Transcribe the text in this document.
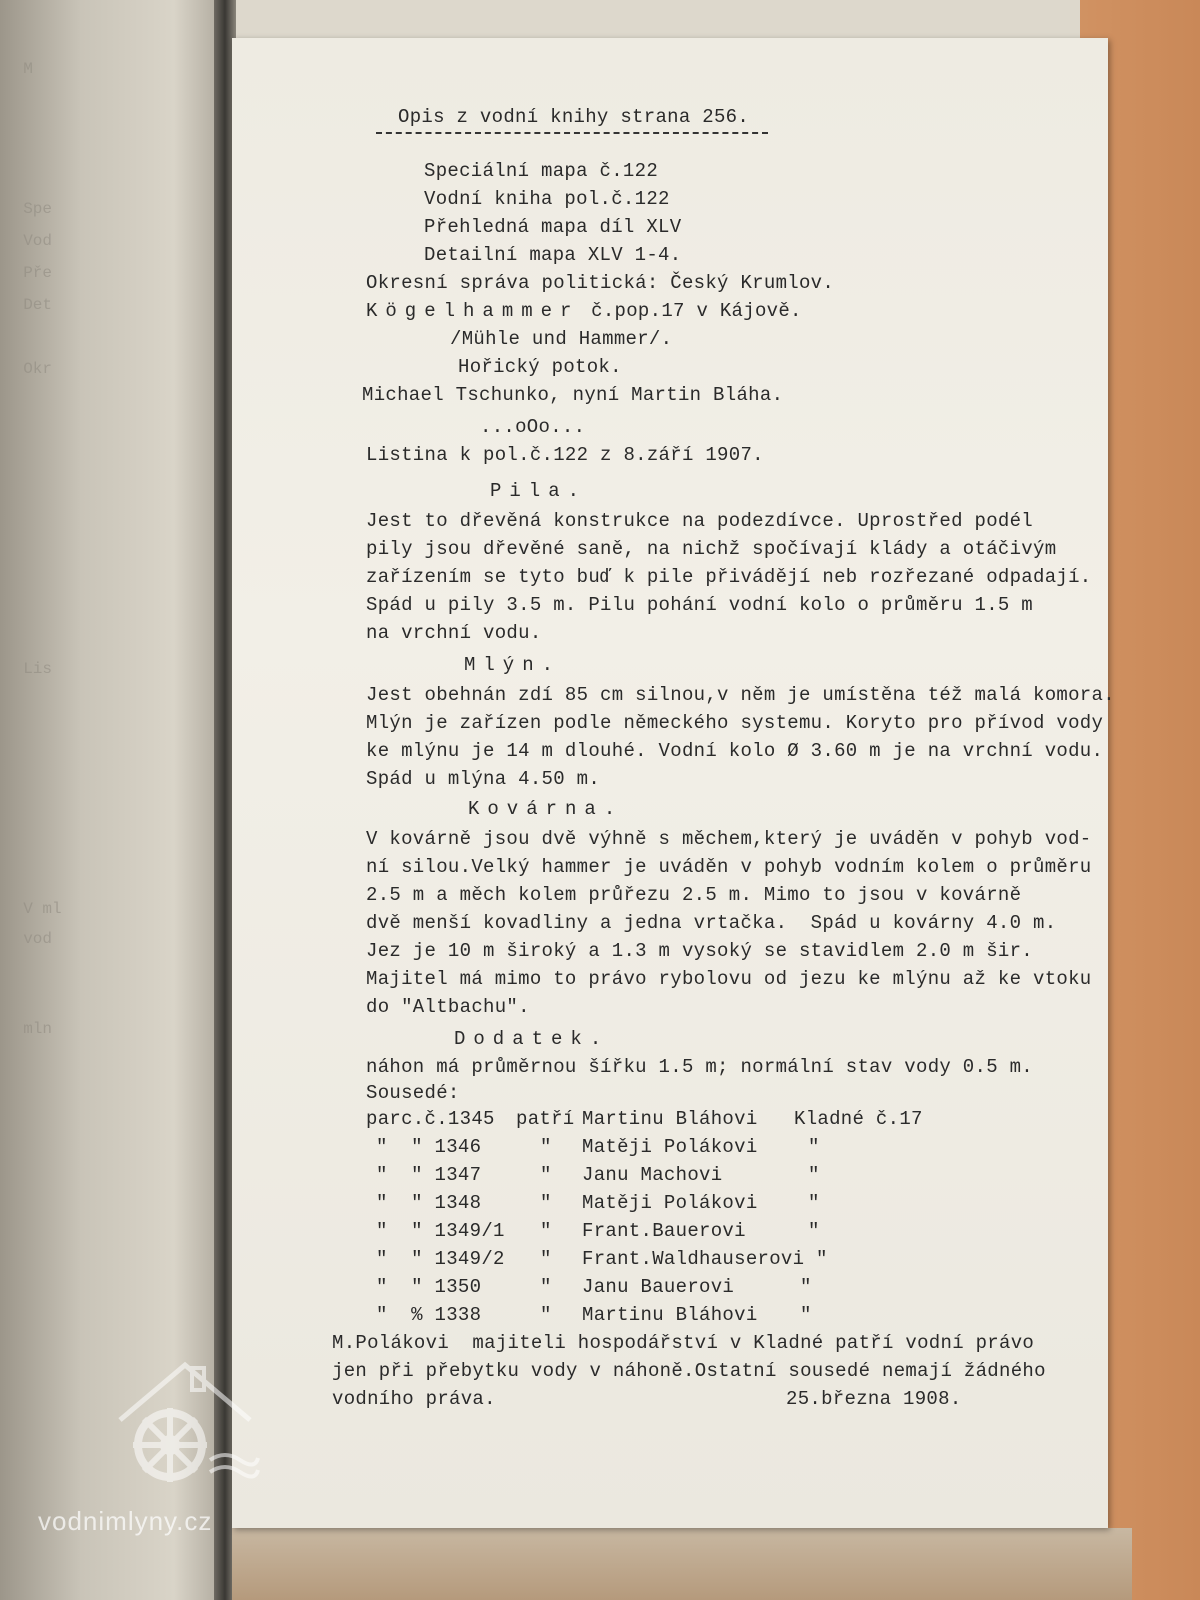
M
Spe
Vod
Pře
Det
Okr
Lis
V ml
vod
mln
Opis z vodní knihy strana 256.
Speciální mapa č.122
Vodní kniha pol.č.122
Přehledná mapa díl XLV
Detailní mapa XLV 1-4.
Okresní správa politická: Český Krumlov.
Kögelhammer č.pop.17 v Kájově.
/Mühle und Hammer/.
Hořický potok.
Michael Tschunko, nyní Martin Bláha.
...oOo...
Listina k pol.č.122 z 8.září 1907.
Pila.
Jest to dřevěná konstrukce na podezdívce. Uprostřed podél
pily jsou dřevěné saně, na nichž spočívají klády a otáčivým
zařízením se tyto buď k pile přivádějí neb rozřezané odpadají.
Spád u pily 3.5 m. Pilu pohání vodní kolo o průměru 1.5 m
na vrchní vodu.
Mlýn.
Jest obehnán zdí 85 cm silnou,v něm je umístěna též malá komora.
Mlýn je zařízen podle německého systemu. Koryto pro přívod vody
ke mlýnu je 14 m dlouhé. Vodní kolo Ø 3.60 m je na vrchní vodu.
Spád u mlýna 4.50 m.
Kovárna.
V kovárně jsou dvě výhně s měchem,který je uváděn v pohyb vod-
ní silou.Velký hammer je uváděn v pohyb vodním kolem o průměru
2.5 m a měch kolem průřezu 2.5 m. Mimo to jsou v kovárně
dvě menší kovadliny a jedna vrtačka.  Spád u kovárny 4.0 m.
Jez je 10 m široký a 1.3 m vysoký se stavidlem 2.0 m šir.
Majitel má mimo to právo rybolovu od jezu ke mlýnu až ke vtoku
do "Altbachu".
Dodatek.
náhon má průměrnou šířku 1.5 m; normální stav vody 0.5 m.
Sousedé:
parc.č.1345 patří Martinu Bláhovi Kladné č.17
"  " 1346	" Matěji Polákovi	"
"  " 1347	" Janu Machovi	"
"  " 1348	" Matěji Polákovi	"
"  " 1349/1 " Frant.Bauerovi	"
"  " 1349/2 " Frant.Waldhauserovi "
"  " 1350	" Janu Bauerovi	"
"  % 1338	" Martinu Bláhovi "
M.Polákovi  majiteli hospodářství v Kladné patří vodní právo
jen při přebytku vody v náhoně.Ostatní sousedé nemají žádného
vodního práva.	25.března 1908.
vodnimlyny.cz
